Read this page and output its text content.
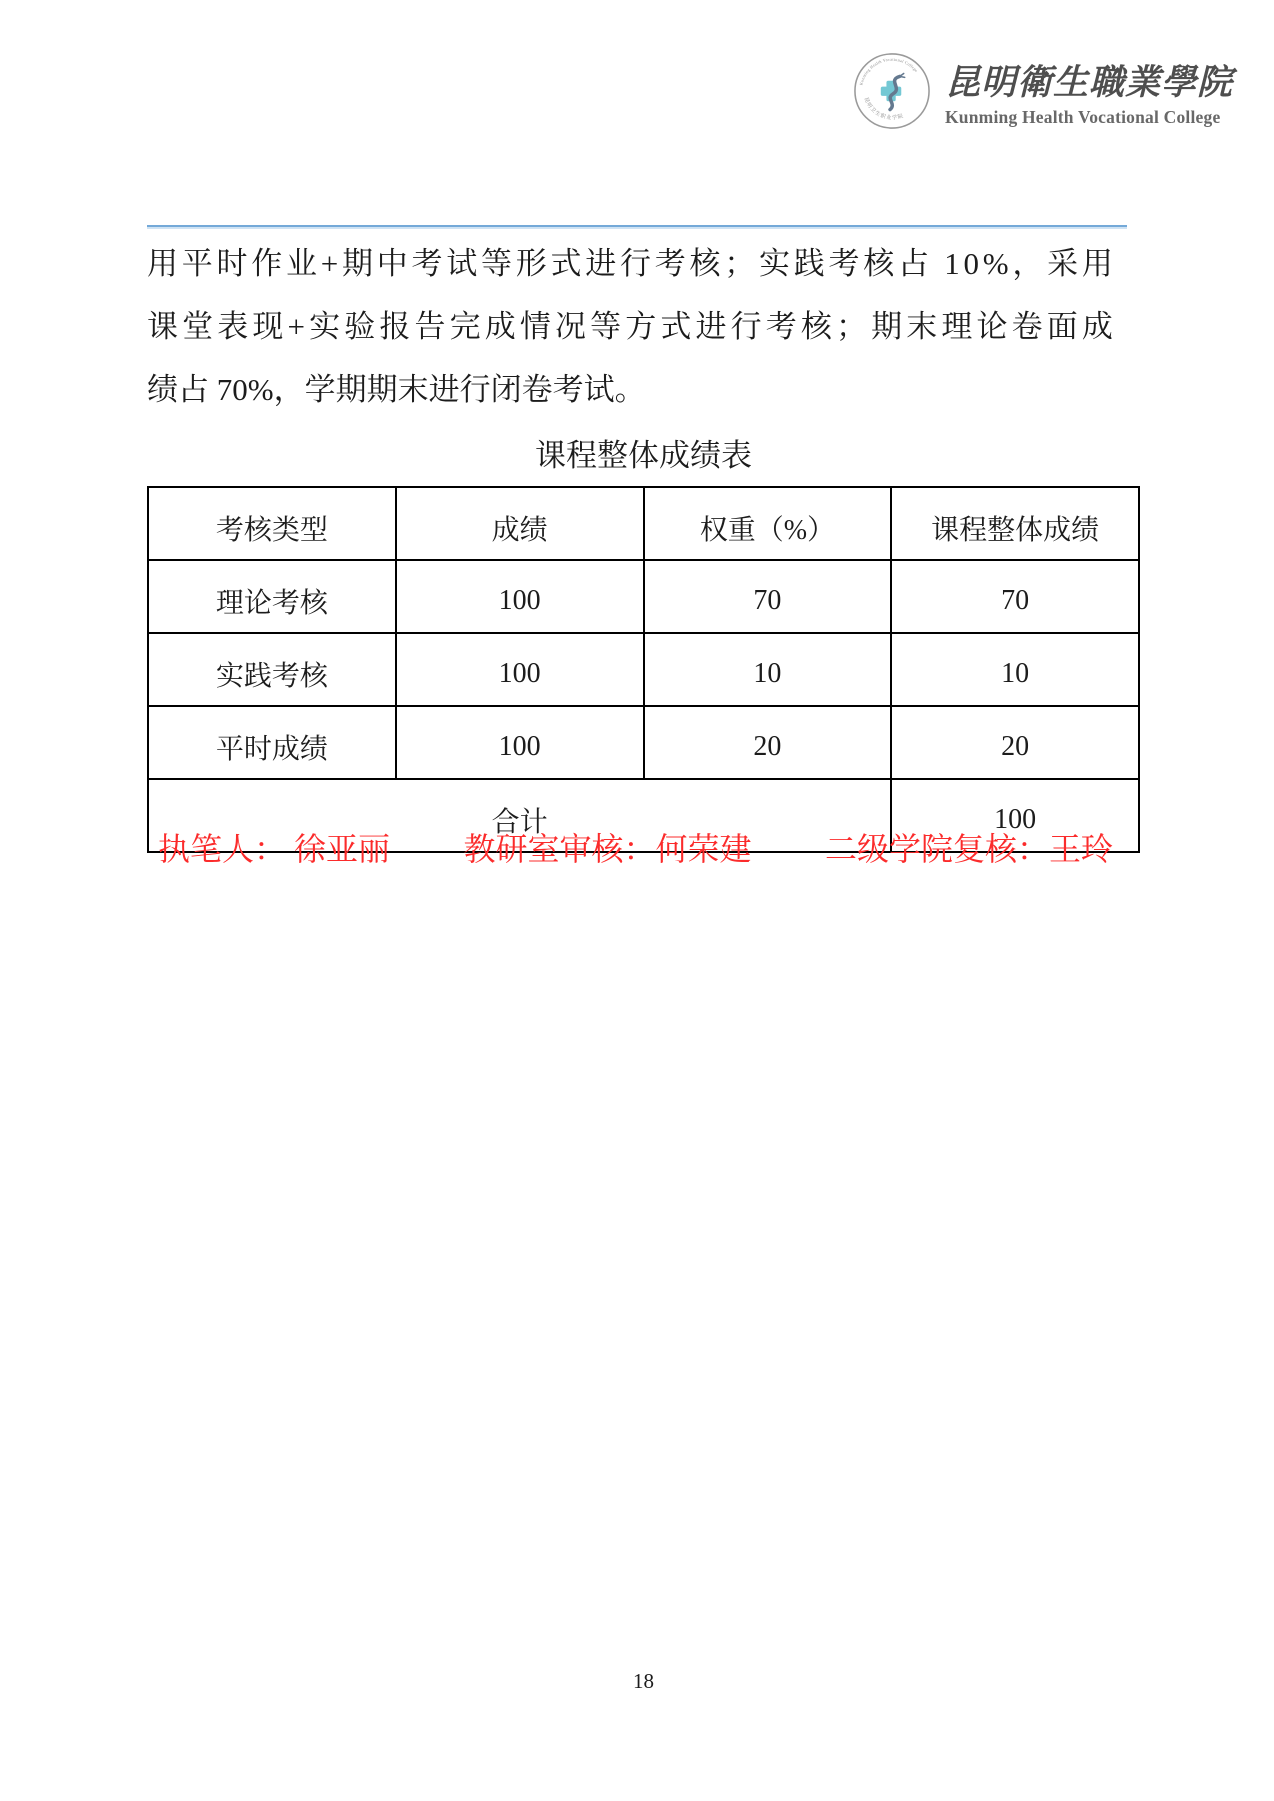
Kunming Health Vocational College
昆明卫生职业学院
昆明衛生職業學院
Kunming Health Vocational College
用 平 时 作 业 + 期 中 考 试 等 形 式 进 行 考 核 ； 实 践 考 核 占
1 0 % ， 采 用
课 堂 表 现 + 实 验 报 告 完 成 情 况 等 方 式 进 行 考 核 ； 期 末 理 论 卷 面 成
绩占 70%，学期期末进行闭卷考试。
课程整体成绩表
考核类型	成绩	权重（%）	课程整体成绩
理论考核	100	70	70
实践考核	100	10	10
平时成绩	100	20	20
合计			100
执笔人： 徐亚丽 教研室审核：何荣建 二级学院复核：王玲
18
